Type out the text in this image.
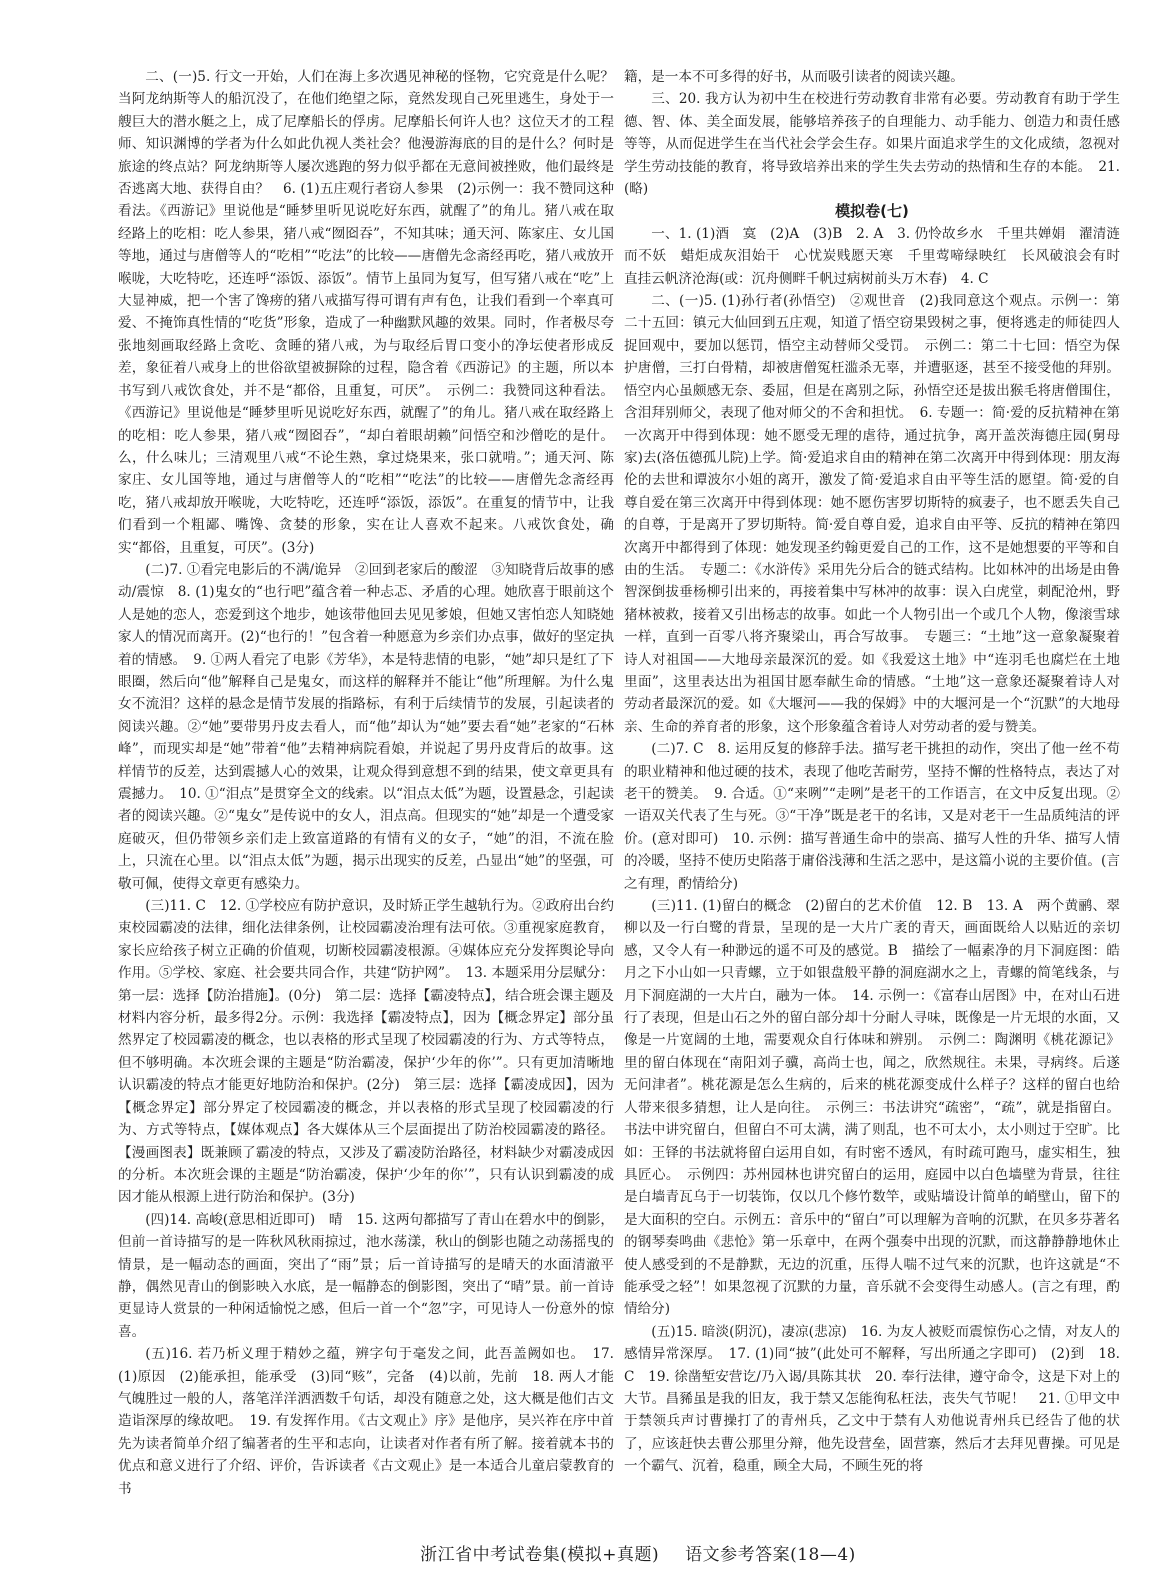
二、(一)5. 行文一开始，人们在海上多次遇见神秘的怪物，它究竟是什么呢？当阿龙纳斯等人的船沉没了，在他们绝望之际，竟然发现自己死里逃生，身处于一艘巨大的潜水艇之上，成了尼摩船长的俘虏。尼摩船长何许人也？这位天才的工程师、知识渊博的学者为什么如此仇视人类社会？他漫游海底的目的是什么？何时是旅途的终点站？阿龙纳斯等人屡次逃跑的努力似乎都在无意间被挫败，他们最终是否逃离大地、获得自由？　6. (1)五庄观行者窃人参果　(2)示例一：我不赞同这种看法。《西游记》里说他是“睡梦里听见说吃好东西，就醒了”的角儿。猪八戒在取经路上的吃相：吃人参果，猪八戒“囫囵吞”，不知其味；通天河、陈家庄、女儿国等地，通过与唐僧等人的“吃相”“吃法”的比较——唐僧先念斋经再吃，猪八戒放开喉咙，大吃特吃，还连呼“添饭、添饭”。情节上虽同为复写，但写猪八戒在“吃”上大显神威，把一个害了馋痨的猪八戒描写得可谓有声有色，让我们看到一个率真可爱、不掩饰真性情的“吃货”形象，造成了一种幽默风趣的效果。同时，作者极尽夸张地刻画取经路上贪吃、贪睡的猪八戒，为与取经后胃口变小的净坛使者形成反差，象征着八戒身上的世俗欲望被摒除的过程，隐含着《西游记》的主题，所以本书写到八戒饮食处，并不是“都俗，且重复，可厌”。　示例二：我赞同这种看法。《西游记》里说他是“睡梦里听见说吃好东西，就醒了”的角儿。猪八戒在取经路上的吃相：吃人参果，猪八戒“囫囵吞”，“却白着眼胡赖”问悟空和沙僧吃的是什。么，什么味儿；三清观里八戒“不论生熟，拿过烧果来，张口就啃。”；通天河、陈家庄、女儿国等地，通过与唐僧等人的“吃相”“吃法”的比较——唐僧先念斋经再吃，猪八戒却放开喉咙，大吃特吃，还连呼“添饭，添饭”。在重复的情节中，让我们看到一个粗鄙、嘴馋、贪婪的形象，实在让人喜欢不起来。八戒饮食处，确实“都俗，且重复，可厌”。(3分)

(二)7. ①看完电影后的不满/诡异　②回到老家后的酸涩　③知晓背后故事的感动/震惊　8. (1)鬼女的“也行吧”蕴含着一种忐忑、矛盾的心理。她欣喜于眼前这个人是她的恋人，恋爱到这个地步，她该带他回去见见爹娘，但她又害怕恋人知晓她家人的情况而离开。(2)“也行的！”包含着一种愿意为乡亲们办点事，做好的坚定执着的情感。　9. ①两人看完了电影《芳华》，本是特悲情的电影，“她”却只是红了下眼圈，然后向“他”解释自己是鬼女，而这样的解释并不能让“他”所理解。为什么鬼女不流泪？这样的悬念是情节发展的指路标，有利于后续情节的发展，引起读者的阅读兴趣。②“她”要带男丹皮去看人，而“他”却认为“她”要去看“她”老家的“石林峰”，而现实却是“她”带着“他”去精神病院看娘，并说起了男丹皮背后的故事。这样情节的反差，达到震撼人心的效果，让观众得到意想不到的结果，使文章更具有震撼力。　10. ①“泪点”是贯穿全文的线索。以“泪点太低”为题，设置悬念，引起读者的阅读兴趣。②“鬼女”是传说中的女人，泪点高。但现实的“她”却是一个遭受家庭破灭，但仍带领乡亲们走上致富道路的有情有义的女子，“她”的泪，不流在脸上，只流在心里。以“泪点太低”为题，揭示出现实的反差，凸显出“她”的坚强，可敬可佩，使得文章更有感染力。

(三)11. C　12. ①学校应有防护意识，及时矫正学生越轨行为。②政府出台约束校园霸凌的法律，细化法律条例，让校园霸凌治理有法可依。③重视家庭教育，家长应给孩子树立正确的价值观，切断校园霸凌根源。④媒体应充分发挥舆论导向作用。⑤学校、家庭、社会要共同合作，共建“防护网”。　13. 本题采用分层赋分：第一层：选择【防治措施】。(0分)　第二层：选择【霸凌特点】，结合班会课主题及材料内容分析，最多得2分。示例：我选择【霸凌特点】，因为【概念界定】部分虽然界定了校园霸凌的概念，也以表格的形式呈现了校园霸凌的行为、方式等特点，但不够明确。本次班会课的主题是“防治霸凌，保护‘少年的你’”。只有更加清晰地认识霸凌的特点才能更好地防治和保护。(2分)　第三层：选择【霸凌成因】，因为【概念界定】部分界定了校园霸凌的概念，并以表格的形式呈现了校园霸凌的行为、方式等特点，【媒体观点】各大媒体从三个层面提出了防治校园霸凌的路径。【漫画图表】既兼顾了霸凌的特点，又涉及了霸凌防治路径，材料缺少对霸凌成因的分析。本次班会课的主题是“防治霸凌，保护‘少年的你’”，只有认识到霸凌的成因才能从根源上进行防治和保护。(3分)

(四)14. 高峻(意思相近即可)　晴　15. 这两句都描写了青山在碧水中的倒影，但前一首诗描写的是一阵秋风秋雨掠过，池水荡漾，秋山的倒影也随之动荡摇曳的情景，是一幅动态的画面，突出了“雨”景；后一首诗描写的是晴天的水面清澈平静，偶然见青山的倒影映入水底，是一幅静态的倒影图，突出了“晴”景。前一首诗更显诗人赏景的一种闲适愉悦之感，但后一首一个“忽”字，可见诗人一份意外的惊喜。

(五)16. 若乃析义理于精妙之蕴，辨字句于毫发之间，此吾盖阙如也。　17. (1)原因　(2)能承担，能承受　(3)同“赅”，完备　(4)以前，先前　18. 两人才能气魄胜过一般的人，落笔洋洋洒洒数千句话，却没有随意之处，这大概是他们古文造诣深厚的缘故吧。　19. 有发挥作用。《古文观止》序》是他序，吴兴祚在序中首先为读者简单介绍了编著者的生平和志向，让读者对作者有所了解。接着就本书的优点和意义进行了介绍、评价，告诉读者《古文观止》是一本适合儿童启蒙教育的书

籍，是一本不可多得的好书，从而吸引读者的阅读兴趣。

三、20. 我方认为初中生在校进行劳动教育非常有必要。劳动教育有助于学生德、智、体、美全面发展，能够培养孩子的自理能力、动手能力、创造力和责任感等等，从而促进学生在当代社会学会生存。如果片面追求学生的文化成绩，忽视对学生劳动技能的教育，将导致培养出来的学生失去劳动的热情和生存的本能。　21. (略)

模拟卷(七)

一、1. (1)酒　寞　(2)A　(3)B　2. A　3. 仍怜故乡水　千里共婵娟　濯清涟而不妖　蜡炬成灰泪始干　心忧炭贱愿天寒　千里莺啼绿映红　长风破浪会有时　直挂云帆济沧海(或：沉舟侧畔千帆过病树前头万木春)　4. C

二、(一)5. (1)孙行者(孙悟空)　②观世音　(2)我同意这个观点。示例一：第二十五回：镇元大仙回到五庄观，知道了悟空窃果毁树之事，便将逃走的师徒四人捉回观中，要加以惩罚，悟空主动替师父受罚。　示例二：第二十七回：悟空为保护唐僧，三打白骨精，却被唐僧冤枉滥杀无辜，并遭驱逐，甚至不接受他的拜别。悟空内心虽颇感无奈、委屈，但是在离别之际，孙悟空还是拔出猴毛将唐僧围住，含泪拜别师父，表现了他对师父的不舍和担忧。　6. 专题一：简·爱的反抗精神在第一次离开中得到体现：她不愿受无理的虐待，通过抗争，离开盖茨海德庄园(舅母家)去(洛伍德孤儿院)上学。简·爱追求自由的精神在第二次离开中得到体现：朋友海伦的去世和谭波尔小姐的离开，激发了简·爱追求自由平等生活的愿望。简·爱的自尊自爱在第三次离开中得到体现：她不愿伤害罗切斯特的疯妻子，也不愿丢失自己的自尊，于是离开了罗切斯特。简·爱自尊自爱，追求自由平等、反抗的精神在第四次离开中都得到了体现：她发现圣约翰更爱自己的工作，这不是她想要的平等和自由的生活。　专题二：《水浒传》采用先分后合的链式结构。比如林冲的出场是由鲁智深倒拔垂杨柳引出来的，再接着集中写林冲的故事：误入白虎堂，刺配沧州，野猪林被救，接着又引出杨志的故事。如此一个人物引出一个或几个人物，像滚雪球一样，直到一百零八将齐聚梁山，再合写故事。　专题三：“土地”这一意象凝聚着诗人对祖国——大地母亲最深沉的爱。如《我爱这土地》中“连羽毛也腐烂在土地里面”，这里表达出为祖国甘愿奉献生命的情感。“土地”这一意象还凝聚着诗人对劳动者最深沉的爱。如《大堰河——我的保姆》中的大堰河是一个“沉默”的大地母亲、生命的养育者的形象，这个形象蕴含着诗人对劳动者的爱与赞美。

(二)7. C　8. 运用反复的修辞手法。描写老干挑担的动作，突出了他一丝不苟的职业精神和他过硬的技术，表现了他吃苦耐劳，坚持不懈的性格特点，表达了对老干的赞美。　9. 合适。①“来咧”“走咧”是老干的工作语言，在文中反复出现。②一语双关代表了生与死。③“干净”既是老干的名讳，又是对老干一生品质纯洁的评价。(意对即可)　10. 示例：描写普通生命中的崇高、描写人性的升华、描写人情的冷暖，坚持不使历史陷落于庸俗浅薄和生活之恶中，是这篇小说的主要价值。(言之有理，酌情给分)

(三)11. (1)留白的概念　(2)留白的艺术价值　12. B　13. A　两个黄鹂、翠柳以及一行白鹭的背景，呈现的是一大片广袤的青天，画面既给人以贴近的亲切感，又令人有一种渺远的遥不可及的感觉。B　描绘了一幅素净的月下洞庭图：皓月之下小山如一只青螺，立于如银盘般平静的洞庭湖水之上，青螺的简笔线条，与月下洞庭湖的一大片白，融为一体。　14. 示例一：《富春山居图》中，在对山石进行了表现，但是山石之外的留白部分却十分耐人寻味，既像是一片无垠的水面，又像是一片宽阔的土地，需要观众自行体味和辨别。　示例二：陶渊明《桃花源记》里的留白体现在“南阳刘子骥，高尚士也，闻之，欣然规往。未果，寻病终。后遂无问津者”。桃花源是怎么生病的，后来的桃花源变成什么样子？这样的留白也给人带来很多猜想，让人是向往。　示例三：书法讲究“疏密”，“疏”，就是指留白。书法中讲究留白，但留白不可太满，满了则乱，也不可太小，太小则过于空旷。比如：王铎的书法就将留白运用自如，有时密不透风，有时疏可跑马，虚实相生，独具匠心。　示例四：苏州园林也讲究留白的运用，庭园中以白色墙壁为背景，往往是白墙青瓦乌于一切装饰，仅以几个修竹数竿，或贴墙设计简单的峭壁山，留下的是大面积的空白。示例五：音乐中的“留白”可以理解为音响的沉默，在贝多芬著名的钢琴奏鸣曲《悲怆》第一乐章中，在两个强奏中出现的沉默，而这静静静地休止使人感受到的不是静默，无边的沉重，压得人喘不过气来的沉默，也许这就是“不能承受之轻”！如果忽视了沉默的力量，音乐就不会变得生动感人。(言之有理，酌情给分)

(五)15. 暗淡(阴沉)，凄凉(悲凉)　16. 为友人被贬而震惊伤心之情，对友人的感情异常深厚。　17. (1)同“披”(此处可不解释，写出所通之字即可)　(2)到　18. C　19. 徐凿堑安营讫/乃入谒/具陈其状　20. 奉行法律，遵守命令，这是下对上的大节。昌豨虽是我的旧友，我于禁又怎能徇私枉法，丧失气节呢！　21. ①甲文中于禁领兵声讨曹操打了的青州兵，乙文中于禁有人劝他说青州兵已经告了他的状了，应该赶快去曹公那里分辩，他先设营垒，固营寨，然后才去拜见曹操。可见是一个霸气、沉着，稳重，顾全大局，不顾生死的将

浙江省中考试卷集(模拟+真题) 语文参考答案(18—4)
